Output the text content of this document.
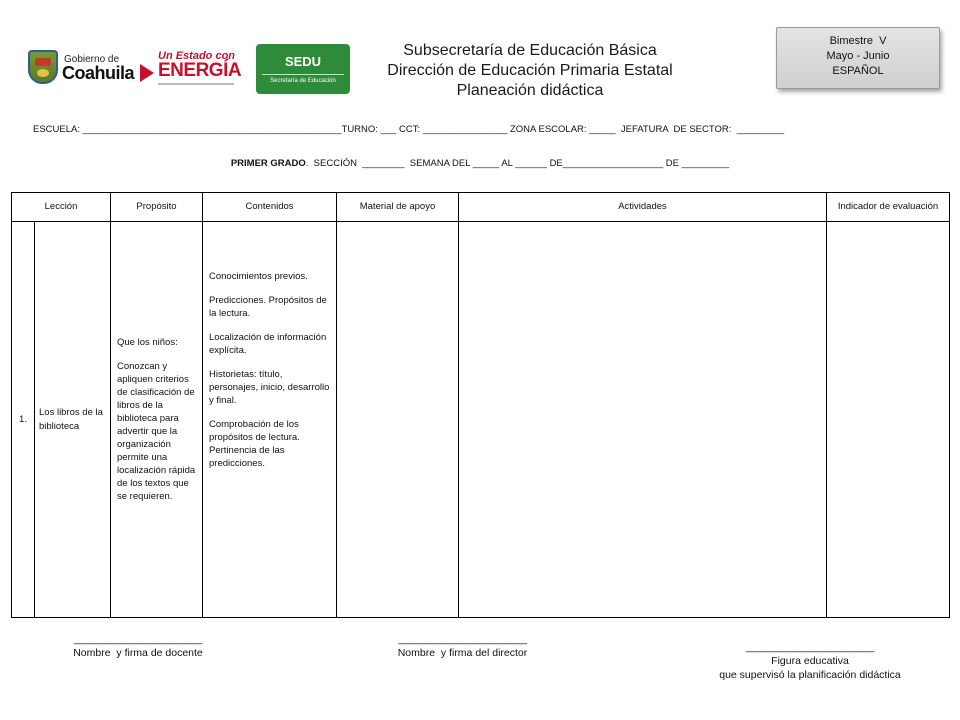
Gobierno de
Coahuila
Un Estado con
ENERGÍA	SEDU
Secretaría de Educación
Subsecretaría de Educación Básica
Dirección de Educación Primaria Estatal
Planeación didáctica
Bimestre  V
Mayo - Junio
ESPAÑOL
ESCUELA: _________________________________________________TURNO: ___ CCT: ________________ ZONA ESCOLAR: _____  JEFATURA  DE SECTOR:  _________
PRIMER GRADO.  SECCIÓN  ________  SEMANA DEL _____ AL ______ DE___________________ DE _________
Lección		Propósito	Contenidos	Material de apoyo	Actividades	Indicador de evaluación
1.	Los libros de la biblioteca	Que los niños:
Conozcan y apliquen criterios de clasificación de libros de la biblioteca para advertir que la organización permite una localización rápida de los textos que se requieren.	Conocimientos previos.
Predicciones. Propósitos de la lectura.
Localización de información explícita.
Historietas: título, personajes, inicio, desarrollo y final.
Comprobación de los propósitos de lectura. Pertinencia de las predicciones.			

________________________
Nombre  y firma de docente
________________________
Nombre  y firma del director	________________________
Figura educativa
que supervisó la planificación didáctica
